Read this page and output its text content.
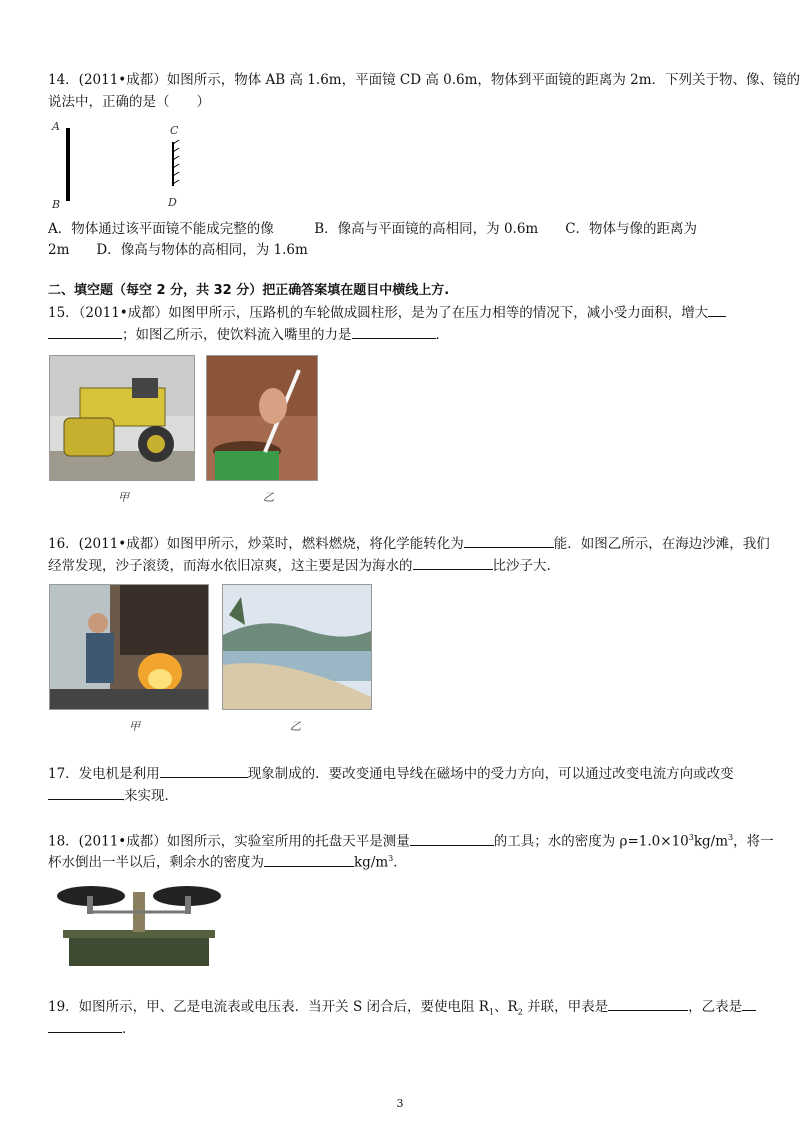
14．(2011•成都）如图所示，物体 AB 高 1.6m，平面镜 CD 高 0.6m，物体到平面镜的距离为 2m．下列关于物、像、镜的
说法中，正确的是（　　）
A
B
C
D
A．物体通过该平面镜不能成完整的像　　　B．像高与平面镜的高相同，为 0.6m　　C．物体与像的距离为
2m　　D．像高与物体的高相同，为 1.6m
二、填空题（每空 2 分，共 32 分）把正确答案填在题目中横线上方.
15．（2011•成都）如图甲所示，压路机的车轮做成圆柱形，是为了在压力相等的情况下，减小受力面积，增大
；如图乙所示，使饮料流入嘴里的力是	．
甲	乙
16．(2011•成都）如图甲所示，炒菜时，燃料燃烧，将化学能转化为	能．如图乙所示，在海边沙滩，我们
经常发现，沙子滚烫，而海水依旧凉爽，这主要是因为海水的	比沙子大.
甲	乙
17．发电机是利用	现象制成的．要改变通电导线在磁场中的受力方向，可以通过改变电流方向或改变
来实现．
18．(2011•成都）如图所示，实验室所用的托盘天平是测量	的工具；水的密度为 $\rho=1.0\times 10^3kg/m^3$，将一
杯水倒出一半以后，剩余水的密度为	$kg/m^3$．
19．如图所示，甲、乙是电流表或电压表．当开关 S 闭合后，要使电阻 $R_1$、$R_2$ 并联，甲表是	，乙表是
．
3
